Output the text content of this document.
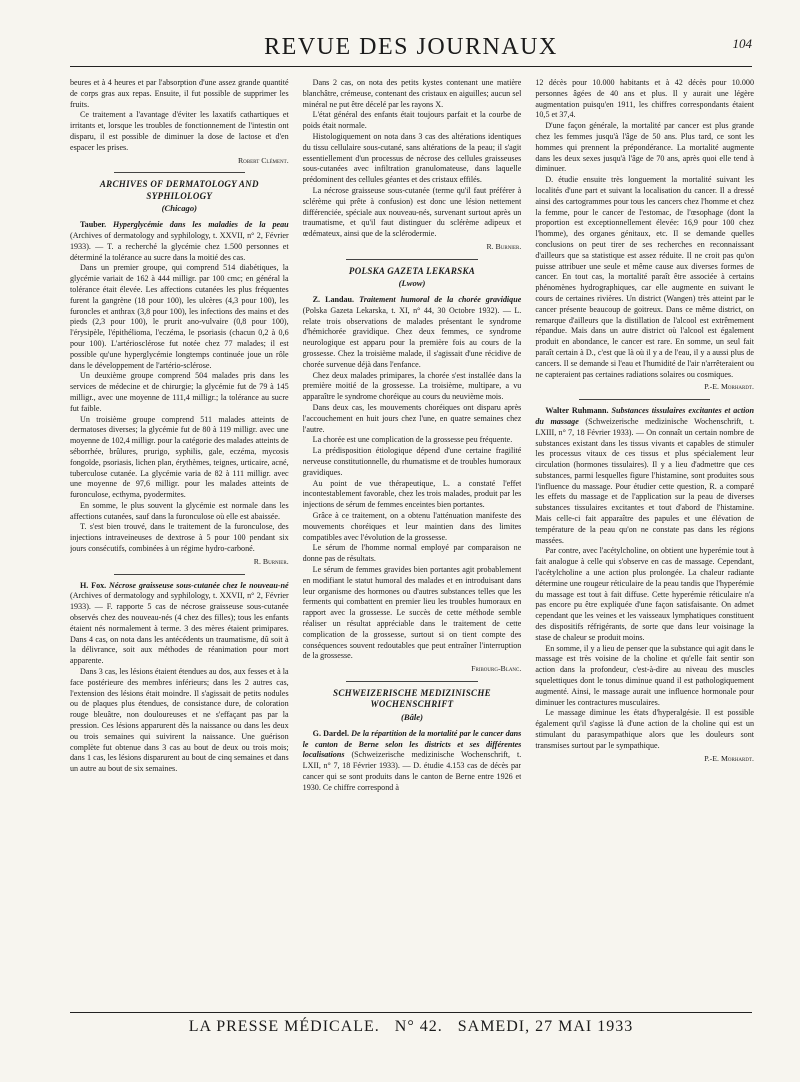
REVUE DES JOURNAUX	104

beures et à 4 heures et par l'absorption d'une assez grande quantité de corps gras aux repas. Ensuite, il fut possible de supprimer les fruits.

Ce traitement a l'avantage d'éviter les laxatifs cathartiques et irritants et, lorsque les troubles de fonctionnement de l'intestin ont disparu, il est possible de diminuer la dose de lactose et d'en espacer les prises.

Robert Clément.
ARCHIVES OF DERMATOLOGY AND SYPHILOLOGY
(Chicago)

Tauber. Hyperglycémie dans les maladies de la peau (Archives of dermatology and syphilology, t. XXVII, n° 2, Février 1933). — T. a recherché la glycémie chez 1.500 personnes et déterminé la tolérance au sucre dans la moitié des cas.

Dans un premier groupe, qui comprend 514 diabétiques, la glycémie variait de 162 à 444 milligr. par 100 cmc; en général la tolérance était élevée. Les affections cutanées les plus fréquentes furent la gangrène (18 pour 100), les ulcères (4,3 pour 100), les furoncles et anthrax (3,8 pour 100), les infections des mains et des pieds (2,3 pour 100), le prurit ano-vulvaire (0,8 pour 100), l'érysipèle, l'épithélioma, l'eczéma, le psoriasis (chacun 0,2 à 0,6 pour 100). L'artériosclérose fut notée chez 77 malades; il est possible qu'une hyperglycémie longtemps continuée joue un rôle dans le développement de l'artério-sclérose.

Un deuxième groupe comprend 504 malades pris dans les services de médecine et de chirurgie; la glycémie fut de 79 à 145 milligr., avec une moyenne de 111,4 milligr.; la tolérance au sucre fut faible.

Un troisième groupe comprend 511 malades atteints de dermatoses diverses; la glycémie fut de 80 à 119 milligr. avec une moyenne de 102,4 milligr. pour la catégorie des malades atteints de séborrhée, brûlures, prurigo, syphilis, gale, eczéma, mycosis fongoïde, psoriasis, lichen plan, érythèmes, teignes, urticaire, acné, tuberculose cutanée. La glycémie varia de 82 à 111 milligr. avec une moyenne de 97,6 milligr. pour les malades atteints de furonculose, ecthyma, pyodermites.

En somme, le plus souvent la glycémie est normale dans les affections cutanées, sauf dans la furonculose où elle est abaissée.

T. s'est bien trouvé, dans le traitement de la furonculose, des injections intraveineuses de dextrose à 5 pour 100 pendant six jours consécutifs, combinées à un régime hydro-carboné.

R. Burnier.

H. Fox. Nécrose graisseuse sous-cutanée chez le nouveau-né (Archives of dermatology and syphilology, t. XXVII, n° 2, Février 1933). — F. rapporte 5 cas de nécrose graisseuse sous-cutanée observés chez des nouveau-nés (4 chez des filles); tous les enfants étaient nés normalement à terme. 3 des mères étaient primipares. Dans 4 cas, on nota dans les antécédents un traumatisme, dû soit à la délivrance, soit aux méthodes de réanimation pour mort apparente.

Dans 3 cas, les lésions étaient étendues au dos, aux fesses et à la face postérieure des membres inférieurs; dans les 2 autres cas, l'extension des lésions était moindre. Il s'agissait de petits nodules ou de plaques plus étendues, de consistance dure, de coloration rouge bleuâtre, non douloureuses et ne s'effaçant pas par la pression. Ces lésions apparurent dès la naissance ou dans les deux ou trois semaines qui suivirent la naissance. Une guérison complète fut obtenue dans 3 cas au bout de deux ou trois mois; dans 1 cas, les lésions disparurent au bout de cinq semaines et dans un autre au bout de six semaines.

Dans 2 cas, on nota des petits kystes contenant une matière blanchâtre, crémeuse, contenant des cristaux en aiguilles; aucun sel minéral ne put être décelé par les rayons X.

L'état général des enfants était toujours parfait et la courbe de poids était normale.

Histologiquement on nota dans 3 cas des altérations identiques du tissu cellulaire sous-cutané, sans altérations de la peau; il s'agit essentiellement d'un processus de nécrose des cellules graisseuses sous-cutanées avec infiltration granulomateuse, dans laquelle prédominent des cellules géantes et des cristaux effilés.

La nécrose graisseuse sous-cutanée (terme qu'il faut préférer à sclérème qui prête à confusion) est donc une lésion nettement différenciée, spéciale aux nouveau-nés, survenant surtout après un traumatisme, et qu'il faut distinguer du sclérème adipeux et œdémateux, ainsi que de la sclérodermie.

R. Burnier.
POLSKA GAZETA LEKARSKA
(Lwow)

Z. Landau. Traitement humoral de la chorée gravidique (Polska Gazeta Lekarska, t. XI, n° 44, 30 Octobre 1932). — L. relate trois observations de malades présentant le syndrome d'hémichorée gravidique. Chez deux femmes, ce syndrome neurologique est apparu pour la première fois au cours de la grossesse. Chez la troisième malade, il s'agissait d'une récidive de chorée survenue déjà dans l'enfance.

Chez deux malades primipares, la chorée s'est installée dans la première moitié de la grossesse. La troisième, multipare, a vu apparaître le syndrome choréique au cours du neuvième mois.

Dans deux cas, les mouvements choréiques ont disparu après l'accouchement en huit jours chez l'une, en quatre semaines chez l'autre.

La chorée est une complication de la grossesse peu fréquente.

La prédisposition étiologique dépend d'une certaine fragilité nerveuse constitutionnelle, du rhumatisme et de troubles humoraux gravidiques.

Au point de vue thérapeutique, L. a constaté l'effet incontestablement favorable, chez les trois malades, produit par les injections de sérum de femmes enceintes bien portantes.

Grâce à ce traitement, on a obtenu l'atténuation manifeste des mouvements choréiques et leur maintien dans des limites compatibles avec l'évolution de la grossesse.

Le sérum de l'homme normal employé par comparaison ne donne pas de résultats.

Le sérum de femmes gravides bien portantes agit probablement en modifiant le statut humoral des malades et en introduisant dans leur organisme des hormones ou d'autres substances telles que les ferments qui combattent en premier lieu les troubles humoraux en rapport avec la grossesse. Le succès de cette méthode semble réaliser un résultat appréciable dans le traitement de cette complication de la grossesse, surtout si on tient compte des conséquences souvent redoutables que peut entraîner l'interruption de la grossesse.

Fribourg-Blanc.
SCHWEIZERISCHE MEDIZINISCHE WOCHENSCHRIFT
(Bâle)

G. Dardel. De la répartition de la mortalité par le cancer dans le canton de Berne selon les districts et ses différentes localisations (Schweizerische medizinische Wochenschrift, t. LXII, n° 7, 18 Février 1933). — D. étudie 4.153 cas de décès par cancer qui se sont produits dans le canton de Berne entre 1926 et 1930. Ce chiffre correspond à

12 décès pour 10.000 habitants et à 42 décès pour 10.000 personnes âgées de 40 ans et plus. Il y aurait une légère augmentation puisqu'en 1911, les chiffres correspondants étaient 10,5 et 37,4.

D'une façon générale, la mortalité par cancer est plus grande chez les femmes jusqu'à l'âge de 50 ans. Plus tard, ce sont les hommes qui prennent la prépondérance. La mortalité augmente dans les deux sexes jusqu'à l'âge de 70 ans, après quoi elle tend à diminuer.

D. étudie ensuite très longuement la mortalité suivant les localités d'une part et suivant la localisation du cancer. Il a dressé ainsi des cartogrammes pour tous les cancers chez l'homme et chez la femme, pour le cancer de l'estomac, de l'œsophage (dont la proportion est exceptionnellement élevée: 16,9 pour 100 chez l'homme), des organes génitaux, etc. Il se demande quelles conclusions on peut tirer de ses recherches en reconnaissant d'ailleurs que sa statistique est assez réduite. Il ne croit pas qu'on puisse attribuer une seule et même cause aux diverses formes de cancer. En tout cas, la mortalité paraît être associée à certains phénomènes hydrographiques, car elle augmente en suivant le cours de certaines rivières. Un district (Wangen) très atteint par le cancer présente beaucoup de goitreux. Dans ce même district, on remarque d'ailleurs que la distillation de l'alcool est extrêmement répandue. Mais dans un autre district où l'alcool est également produit en abondance, le cancer est rare. En somme, un seul fait paraît certain à D., c'est que là où il y a de l'eau, il y a aussi plus de cancers. Il se demande si l'eau et l'humidité de l'air n'arrêteraient ou ne capteraient pas certaines radiations solaires ou cosmiques.

P.-E. Morhardt.

Walter Ruhmann. Substances tissulaires excitantes et action du massage (Schweizerische medizinische Wochenschrift, t. LXIII, n° 7, 18 Février 1933). — On connaît un certain nombre de substances existant dans les tissus vivants et capables de stimuler les processus vitaux de ces tissus et plus spécialement leur circulation (hormones tissulaires). Il y a lieu d'admettre que ces substances, parmi lesquelles figure l'histamine, sont produites sous l'influence du massage. Pour étudier cette question, R. a comparé les effets du massage et de l'application sur la peau de diverses substances tissulaires excitantes et tout d'abord de l'histamine. Mais celle-ci fait apparaître des papules et une élévation de température de la peau qu'on ne constate pas dans les régions massées.

Par contre, avec l'acétylcholine, on obtient une hyperémie tout à fait analogue à celle qui s'observe en cas de massage. Cependant, l'acétylcholine a une action plus prolongée. La chaleur radiante détermine une rougeur réticulaire de la peau tandis que l'hyperémie du massage est tout à fait diffuse. Cette hyperémie réticulaire n'a pas encore pu être expliquée d'une façon satisfaisante. On admet cependant que les veines et les vaisseaux lymphatiques constituent des dispositifs réfrigérants, de sorte que dans leur voisinage la stase de chaleur se produit moins.

En somme, il y a lieu de penser que la substance qui agit dans le massage est très voisine de la choline et qu'elle fait sentir son action dans la profondeur, c'est-à-dire au niveau des muscles squelettiques dont le tonus diminue quand il est pathologiquement augmenté. Ainsi, le massage aurait une influence hormonale pour diminuer les contractures musculaires.

Le massage diminue les états d'hyperalgésie. Il est possible également qu'il s'agisse là d'une action de la choline qui est un stimulant du parasympathique alors que les douleurs sont transmises surtout par le sympathique.

P.-E. Morhardt.
LA PRESSE MÉDICALE. N° 42. SAMEDI, 27 MAI 1933
